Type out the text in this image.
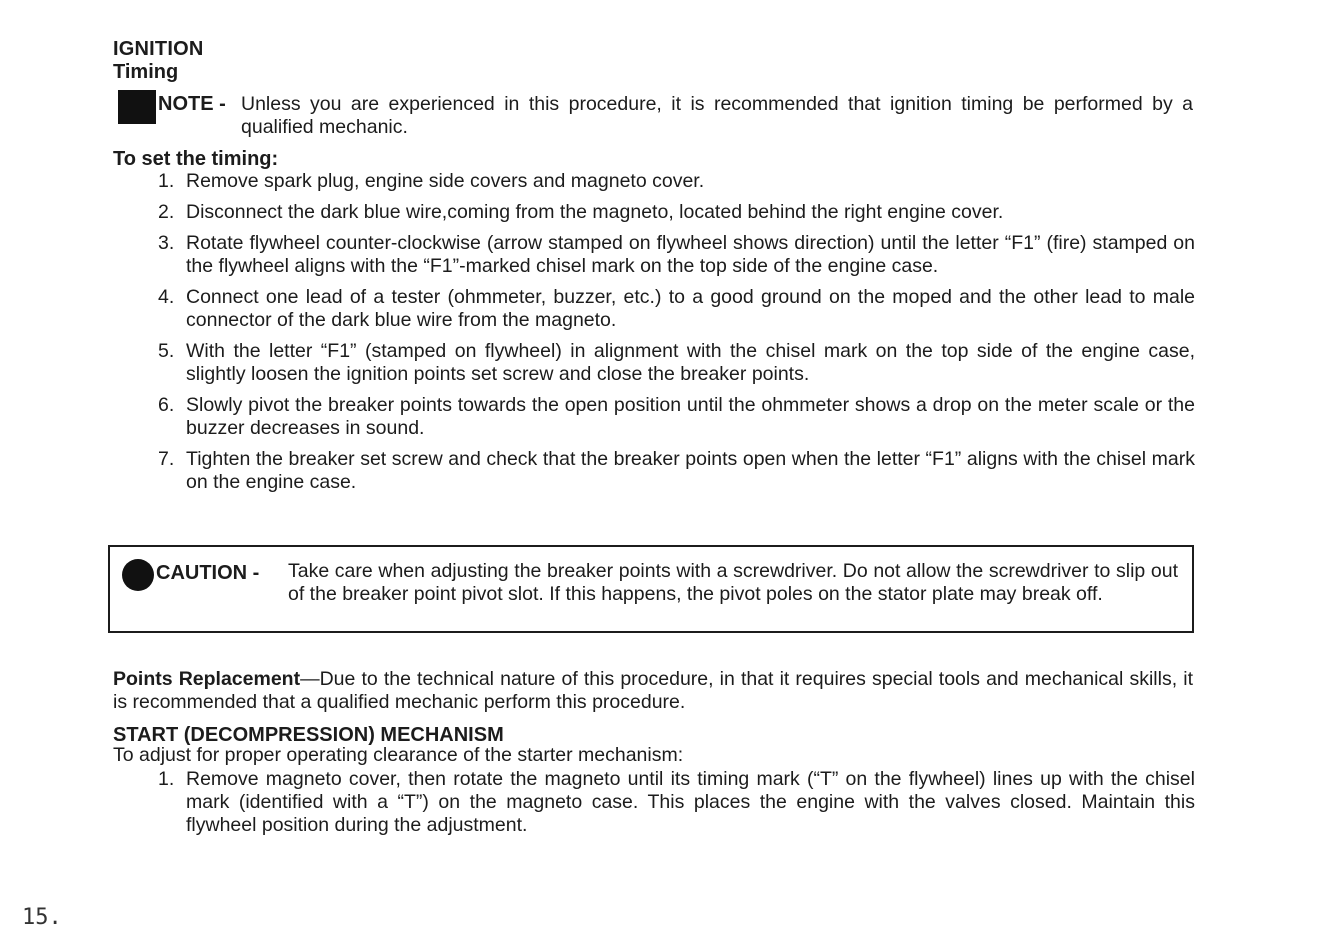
IGNITION
Timing
NOTE - Unless you are experienced in this procedure, it is recommended that ignition timing be performed by a qualified mechanic.
To set the timing:
1. Remove spark plug, engine side covers and magneto cover.
2. Disconnect the dark blue wire,coming from the magneto, located behind the right engine cover.
3. Rotate flywheel counter-clockwise (arrow stamped on flywheel shows direction) until the letter “F1” (fire) stamped on the flywheel aligns with the “F1”-marked chisel mark on the top side of the engine case.
4. Connect one lead of a tester (ohmmeter, buzzer, etc.) to a good ground on the moped and the other lead to male connector of the dark blue wire from the magneto.
5. With the letter “F1” (stamped on flywheel) in alignment with the chisel mark on the top side of the engine case, slightly loosen the ignition points set screw and close the breaker points.
6. Slowly pivot the breaker points towards the open position until the ohmmeter shows a drop on the meter scale or the buzzer decreases in sound.
7. Tighten the breaker set screw and check that the breaker points open when the letter “F1” aligns with the chisel mark on the engine case.
CAUTION - Take care when adjusting the breaker points with a screwdriver. Do not allow the screwdriver to slip out of the breaker point pivot slot. If this happens, the pivot poles on the stator plate may break off.
Points Replacement—Due to the technical nature of this procedure, in that it requires special tools and mechanical skills, it is recommended that a qualified mechanic perform this procedure.
START (DECOMPRESSION) MECHANISM
To adjust for proper operating clearance of the starter mechanism:
1. Remove magneto cover, then rotate the magneto until its timing mark (“T” on the flywheel) lines up with the chisel mark (identified with a “T”) on the magneto case. This places the engine with the valves closed. Maintain this flywheel position during the adjustment.
15.
